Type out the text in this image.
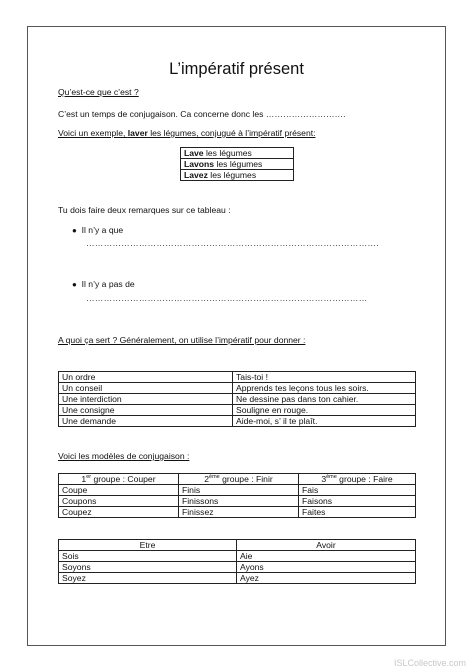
L’impératif présent
Qu’est-ce que c’est ?
C’est un temps de conjugaison. Ca concerne donc les ……………………….
Voici un exemple, laver les légumes, conjugué à l’impératif présent:
Lave les légumes
Lavons les légumes
Lavez les légumes
Tu dois faire deux remarques sur ce tableau :
● Il n’y a que
……………………………………………………………………………………….
● Il n’y a pas de
……………………………………………………………………………………
A quoi ça sert ? Généralement, on utilise l’impératif pour donner :
Un ordre	Tais-toi !
Un conseil	Apprends tes leçons tous les soirs.
Une interdiction	Ne dessine pas dans ton cahier.
Une consigne	Souligne en rouge.
Une demande	Aide-moi, s’ il te plaît.
Voici les modèles de conjugaison :
1er groupe : Couper	2ème groupe : Finir	3ème groupe : Faire
Coupe	Finis	Fais
Coupons	Finissons	Faisons
Coupez	Finissez	Faites
Etre	Avoir
Sois	Aie
Soyons	Ayons
Soyez	Ayez
ISLCollective.com
